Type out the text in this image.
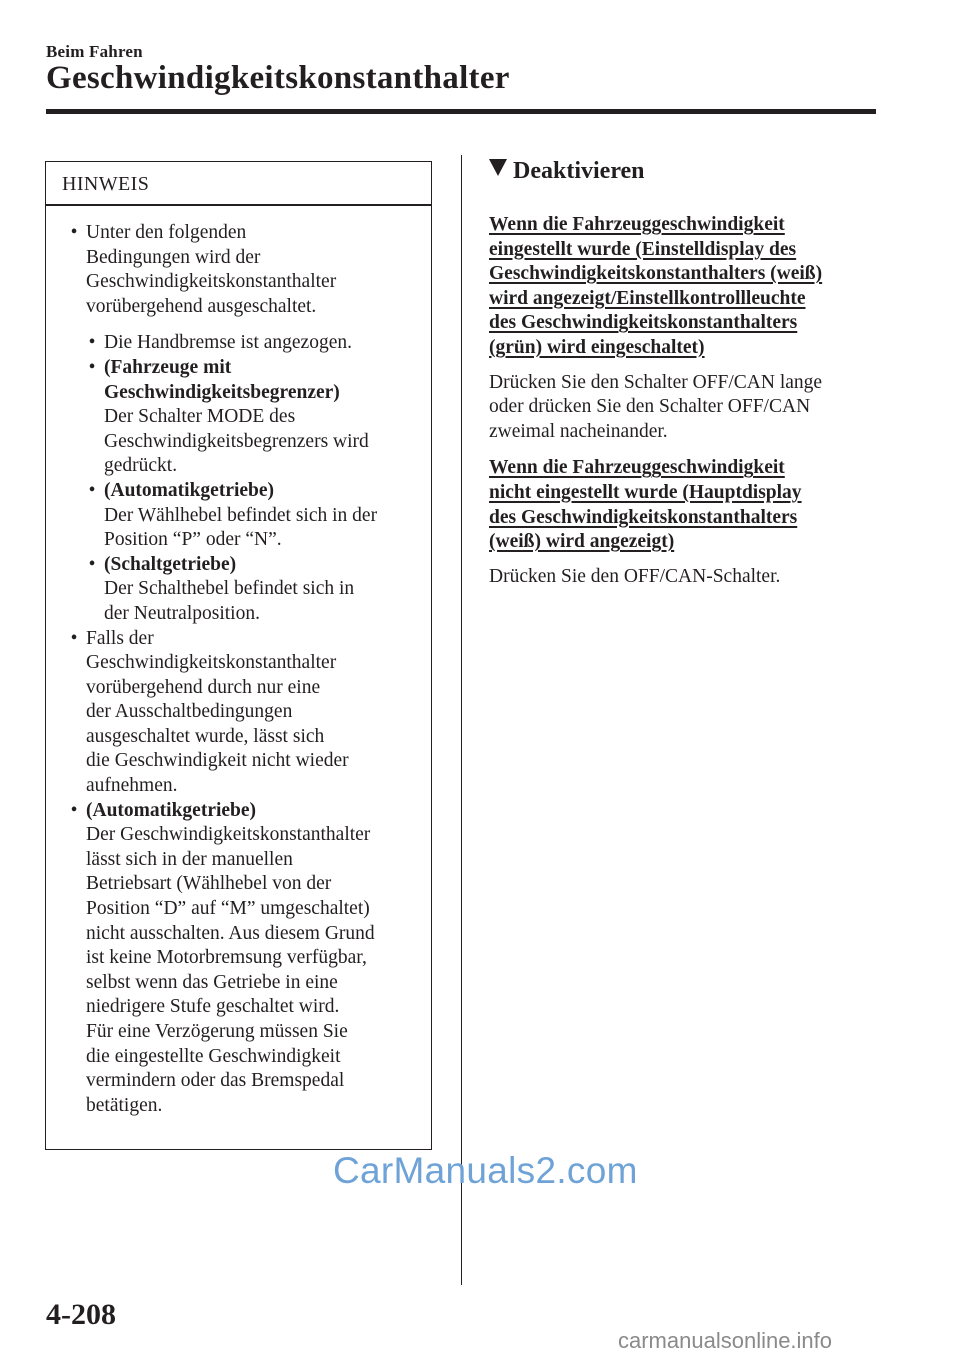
Beim Fahren
Geschwindigkeitskonstanthalter
HINWEIS
• Unter den folgenden
Bedingungen wird der
Geschwindigkeitskonstanthalter
vorübergehend ausgeschaltet.
• Die Handbremse ist angezogen.
• (Fahrzeuge mit
Geschwindigkeitsbegrenzer)
Der Schalter MODE des
Geschwindigkeitsbegrenzers wird
gedrückt.
• (Automatikgetriebe)
Der Wählhebel befindet sich in der
Position “P” oder “N”.
• (Schaltgetriebe)
Der Schalthebel befindet sich in
der Neutralposition.
• Falls der
Geschwindigkeitskonstanthalter
vorübergehend durch nur eine
der Ausschaltbedingungen
ausgeschaltet wurde, lässt sich
die Geschwindigkeit nicht wieder
aufnehmen.
• (Automatikgetriebe)
Der Geschwindigkeitskonstanthalter
lässt sich in der manuellen
Betriebsart (Wählhebel von der
Position “D” auf “M” umgeschaltet)
nicht ausschalten. Aus diesem Grund
ist keine Motorbremsung verfügbar,
selbst wenn das Getriebe in eine
niedrigere Stufe geschaltet wird.
Für eine Verzögerung müssen Sie
die eingestellte Geschwindigkeit
vermindern oder das Bremspedal
betätigen.
Deaktivieren
Wenn die Fahrzeuggeschwindigkeit
eingestellt wurde (Einstelldisplay des
Geschwindigkeitskonstanthalters (weiß)
wird angezeigt/Einstellkontrollleuchte
des Geschwindigkeitskonstanthalters
(grün) wird eingeschaltet)
Drücken Sie den Schalter OFF/CAN lange
oder drücken Sie den Schalter OFF/CAN
zweimal nacheinander.
Wenn die Fahrzeuggeschwindigkeit
nicht eingestellt wurde (Hauptdisplay
des Geschwindigkeitskonstanthalters
(weiß) wird angezeigt)
Drücken Sie den OFF/CAN-Schalter.
CarManuals2.com
4-208
carmanualsonline.info
